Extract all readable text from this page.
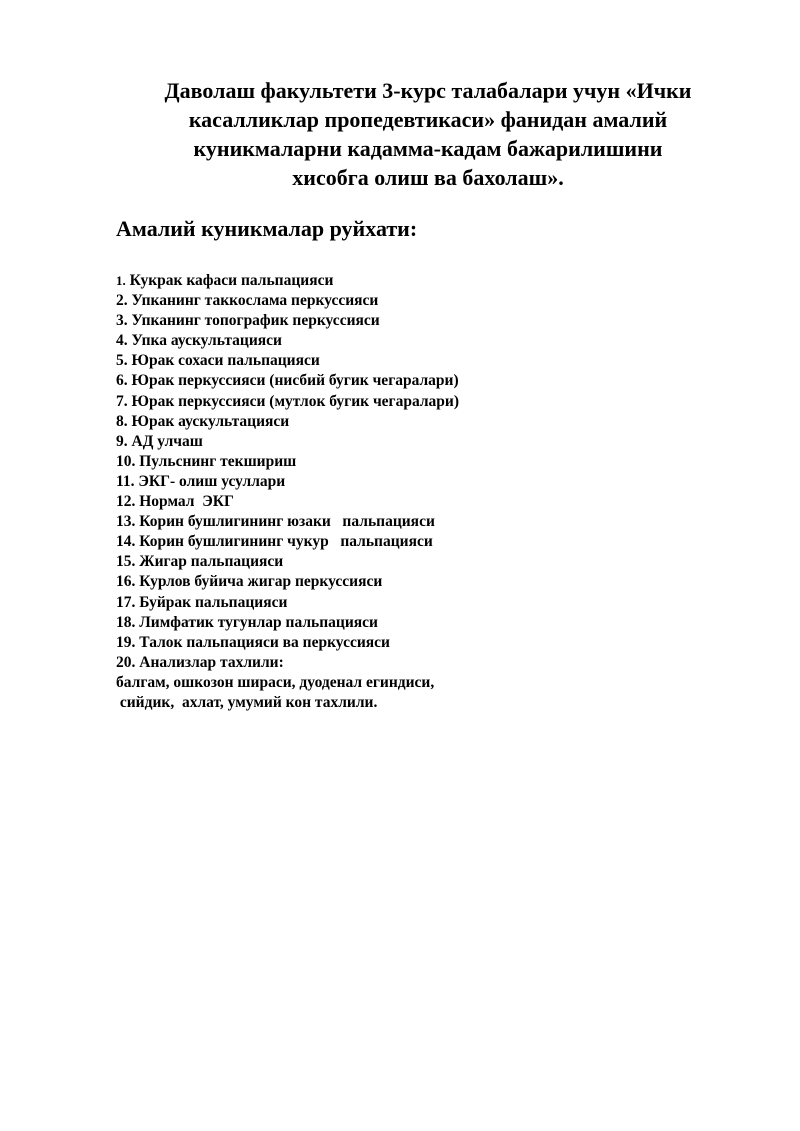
Даволаш факультети 3-курс талабалари учун «Ички
касалликлар пропедевтикаси» фанидан амалий
куникмаларни кадамма-кадам бажарилишини
хисобга олиш ва бахолаш».
Амалий куникмалар руйхати:
1. Кукрак кафаси пальпацияси
2. Упканинг таккослама перкуссияси
3. Упканинг топографик перкуссияси
4. Упка аускультацияси
5. Юрак сохаси пальпацияси
6. Юрак перкуссияси (нисбий бугик чегаралари)
7. Юрак перкуссияси (мутлок бугик чегаралари)
8. Юрак аускультацияси
9. АД улчаш
10. Пульснинг текшириш
11. ЭКГ- олиш усуллари
12. Нормал  ЭКГ
13. Корин бушлигининг юзаки   пальпацияси
14. Корин бушлигининг чукур   пальпацияси
15. Жигар пальпацияси
16. Курлов буйича жигар перкуссияси
17. Буйрак пальпацияси
18. Лимфатик тугунлар пальпацияси
19. Талок пальпацияси ва перкуссияси
20. Анализлар тахлили:
балгам, ошкозон шираси, дуоденал егиндиси,
сийдик,  ахлат, умумий кон тахлили.
